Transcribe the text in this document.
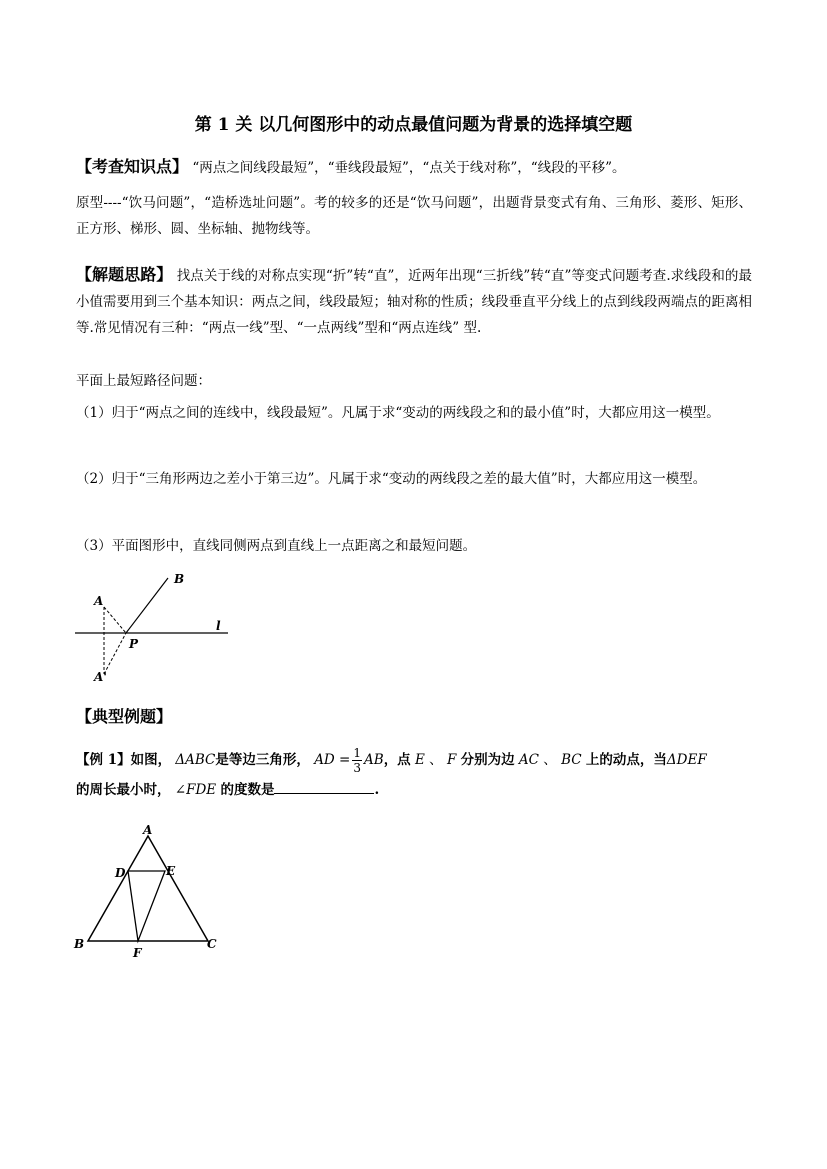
第 1 关 以几何图形中的动点最值问题为背景的选择填空题
【考查知识点】 “两点之间线段最短”，“垂线段最短”，“点关于线对称”，“线段的平移”。
原型----“饮马问题”，“造桥选址问题”。考的较多的还是“饮马问题”，出题背景变式有角、三角形、菱形、矩形、正方形、梯形、圆、坐标轴、抛物线等。
【解题思路】 找点关于线的对称点实现“折”转“直”，近两年出现“三折线”转“直”等变式问题考查.求线段和的最小值需要用到三个基本知识：两点之间，线段最短；轴对称的性质；线段垂直平分线上的点到线段两端点的距离相等.常见情况有三种：“两点一线”型、“一点两线”型和“两点连线” 型.
平面上最短路径问题：
（1）归于“两点之间的连线中，线段最短”。凡属于求“变动的两线段之和的最小值”时，大都应用这一模型。
（2）归于“三角形两边之差小于第三边”。凡属于求“变动的两线段之差的最大值”时，大都应用这一模型。
（3）平面图形中，直线同侧两点到直线上一点距离之和最短问题。
A
B
P
l
A'
【典型例题】
【例 1】如图， ΔABC是等边三角形， AD = $\frac{1}{3}$ AB，点 E 、 F 分别为边 AC 、 BC 上的动点，当ΔDEF
的周长最小时， ∠FDE 的度数是	.
A
B	C
D	E
F
